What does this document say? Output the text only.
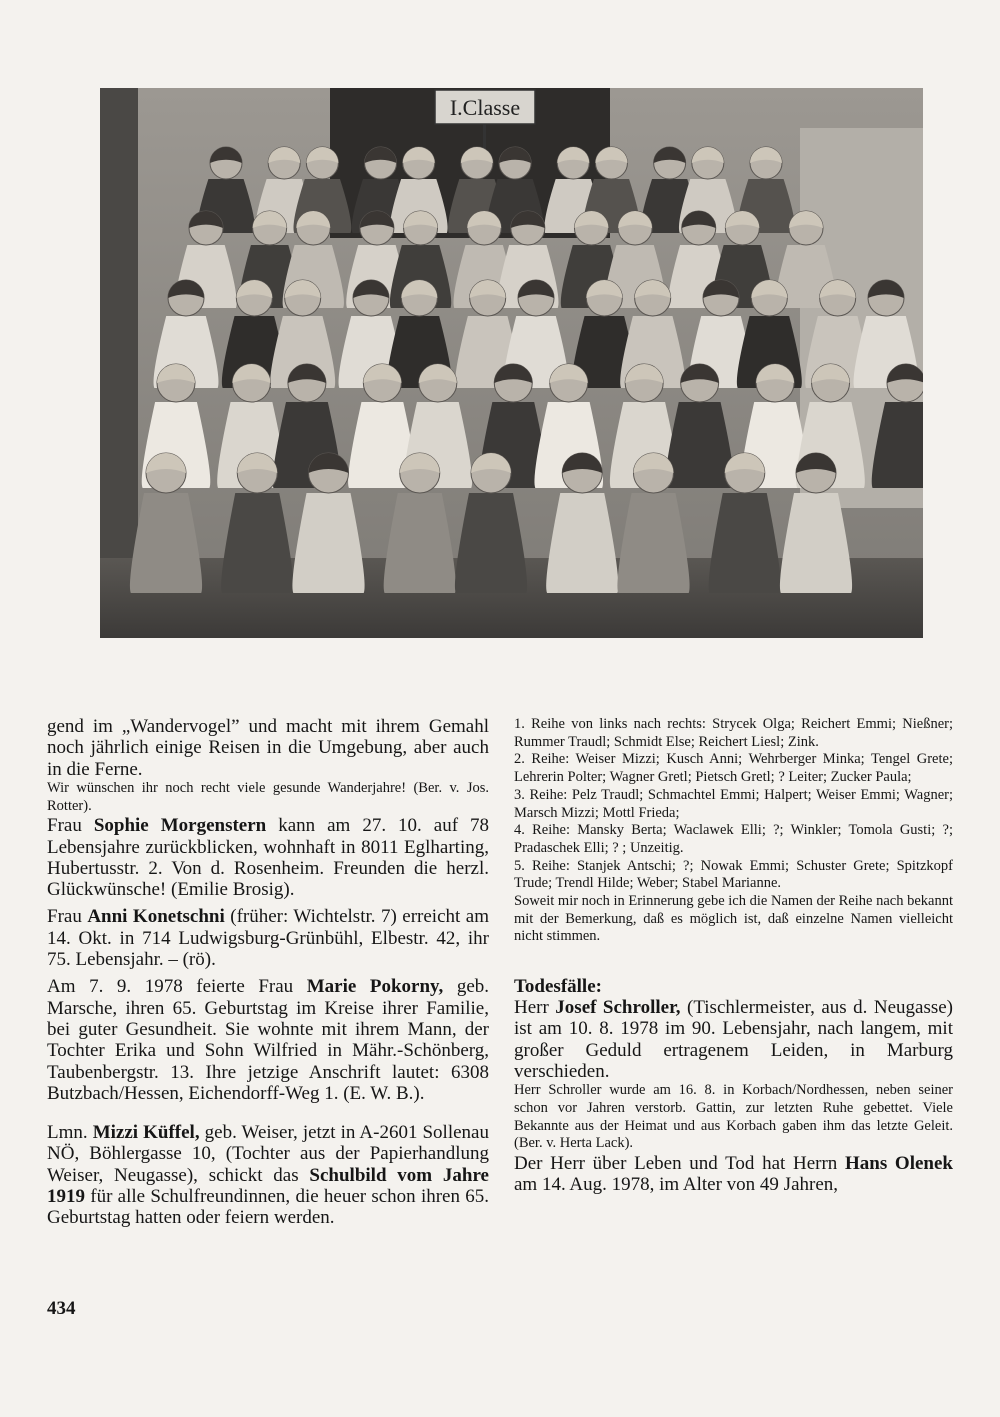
I.Classe

gend im „Wandervogel” und macht mit ihrem Gemahl noch jährlich einige Reisen in die Umgebung, aber auch in die Ferne.

Wir wünschen ihr noch recht viele gesunde Wanderjahre! (Ber. v. Jos. Rotter).

Frau Sophie Morgenstern kann am 27. 10. auf 78 Lebensjahre zurückblicken, wohnhaft in 8011 Eglharting, Hubertusstr. 2. Von d. Rosenheim. Freunden die herzl. Glückwünsche! (Emilie Brosig).

Frau Anni Konetschni (früher: Wichtelstr. 7) erreicht am 14. Okt. in 714 Ludwigsburg-Grünbühl, Elbestr. 42, ihr 75. Lebensjahr. – (rö).

Am 7. 9. 1978 feierte Frau Marie Pokorny, geb. Marsche, ihren 65. Geburtstag im Kreise ihrer Familie, bei guter Gesundheit. Sie wohnte mit ihrem Mann, der Tochter Erika und Sohn Wilfried in Mähr.-Schönberg, Taubenbergstr. 13. Ihre jetzige Anschrift lautet: 6308 Butzbach/Hessen, Eichendorff-Weg 1. (E. W. B.).

Lmn. Mizzi Küffel, geb. Weiser, jetzt in A-2601 Sollenau NÖ, Böhlergasse 10, (Tochter aus der Papierhandlung Weiser, Neugasse), schickt das Schulbild vom Jahre 1919 für alle Schulfreundinnen, die heuer schon ihren 65. Geburtstag hatten oder feiern werden.

434

1. Reihe von links nach rechts: Strycek Olga; Reichert Emmi; Nießner; Rummer Traudl; Schmidt Else; Reichert Liesl; Zink.

2. Reihe: Weiser Mizzi; Kusch Anni; Wehrberger Minka; Tengel Grete; Lehrerin Polter; Wagner Gretl; Pietsch Gretl; ? Leiter; Zucker Paula;

3. Reihe: Pelz Traudl; Schmachtel Emmi; Halpert; Weiser Emmi; Wagner; Marsch Mizzi; Mottl Frieda;

4. Reihe: Mansky Berta; Waclawek Elli; ?; Winkler; Tomola Gusti; ?; Pradaschek Elli; ? ; Unzeitig.

5. Reihe: Stanjek Antschi; ?; Nowak Emmi; Schuster Grete; Spitzkopf Trude; Trendl Hilde; Weber; Stabel Marianne.

Soweit mir noch in Erinnerung gebe ich die Namen der Reihe nach bekannt mit der Bemerkung, daß es möglich ist, daß einzelne Namen vielleicht nicht stimmen.

Todesfälle:

Herr Josef Schroller, (Tischlermeister, aus d. Neugasse) ist am 10. 8. 1978 im 90. Lebensjahr, nach langem, mit großer Geduld ertragenem Leiden, in Marburg verschieden.

Herr Schroller wurde am 16. 8. in Korbach/Nordhessen, neben seiner schon vor Jahren verstorb. Gattin, zur letzten Ruhe gebettet. Viele Bekannte aus der Heimat und aus Korbach gaben ihm das letzte Geleit. (Ber. v. Herta Lack).

Der Herr über Leben und Tod hat Herrn Hans Olenek am 14. Aug. 1978, im Alter von 49 Jahren,
